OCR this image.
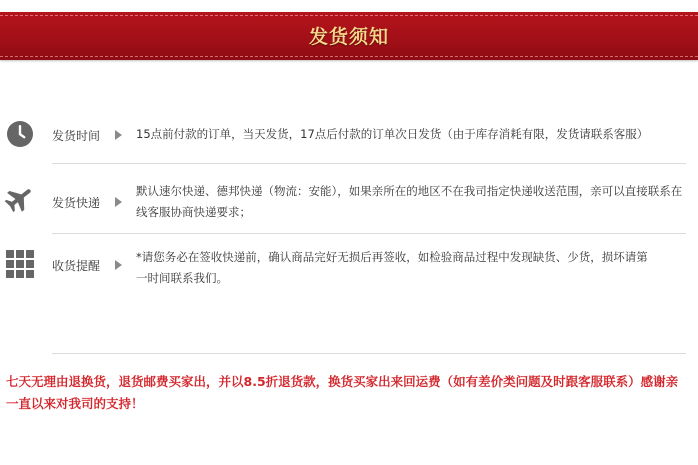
发货须知
发货时间	15点前付款的订单，当天发货，17点后付款的订单次日发货（由于库存消耗有限，发货请联系客服）
发货快递
默认速尔快递、德邦快递（物流：安能），如果亲所在的地区不在我司指定快递收送范围，亲可以直接联系在线客服协商快递要求；
收货提醒
*请您务必在签收快递前，确认商品完好无损后再签收，如检验商品过程中发现缺货、少货，损坏请第一时间联系我们。
七天无理由退换货，退货邮费买家出，并以8.5折退货款，换货买家出来回运费（如有差价类问题及时跟客服联系）感谢亲一直以来对我司的支持！
